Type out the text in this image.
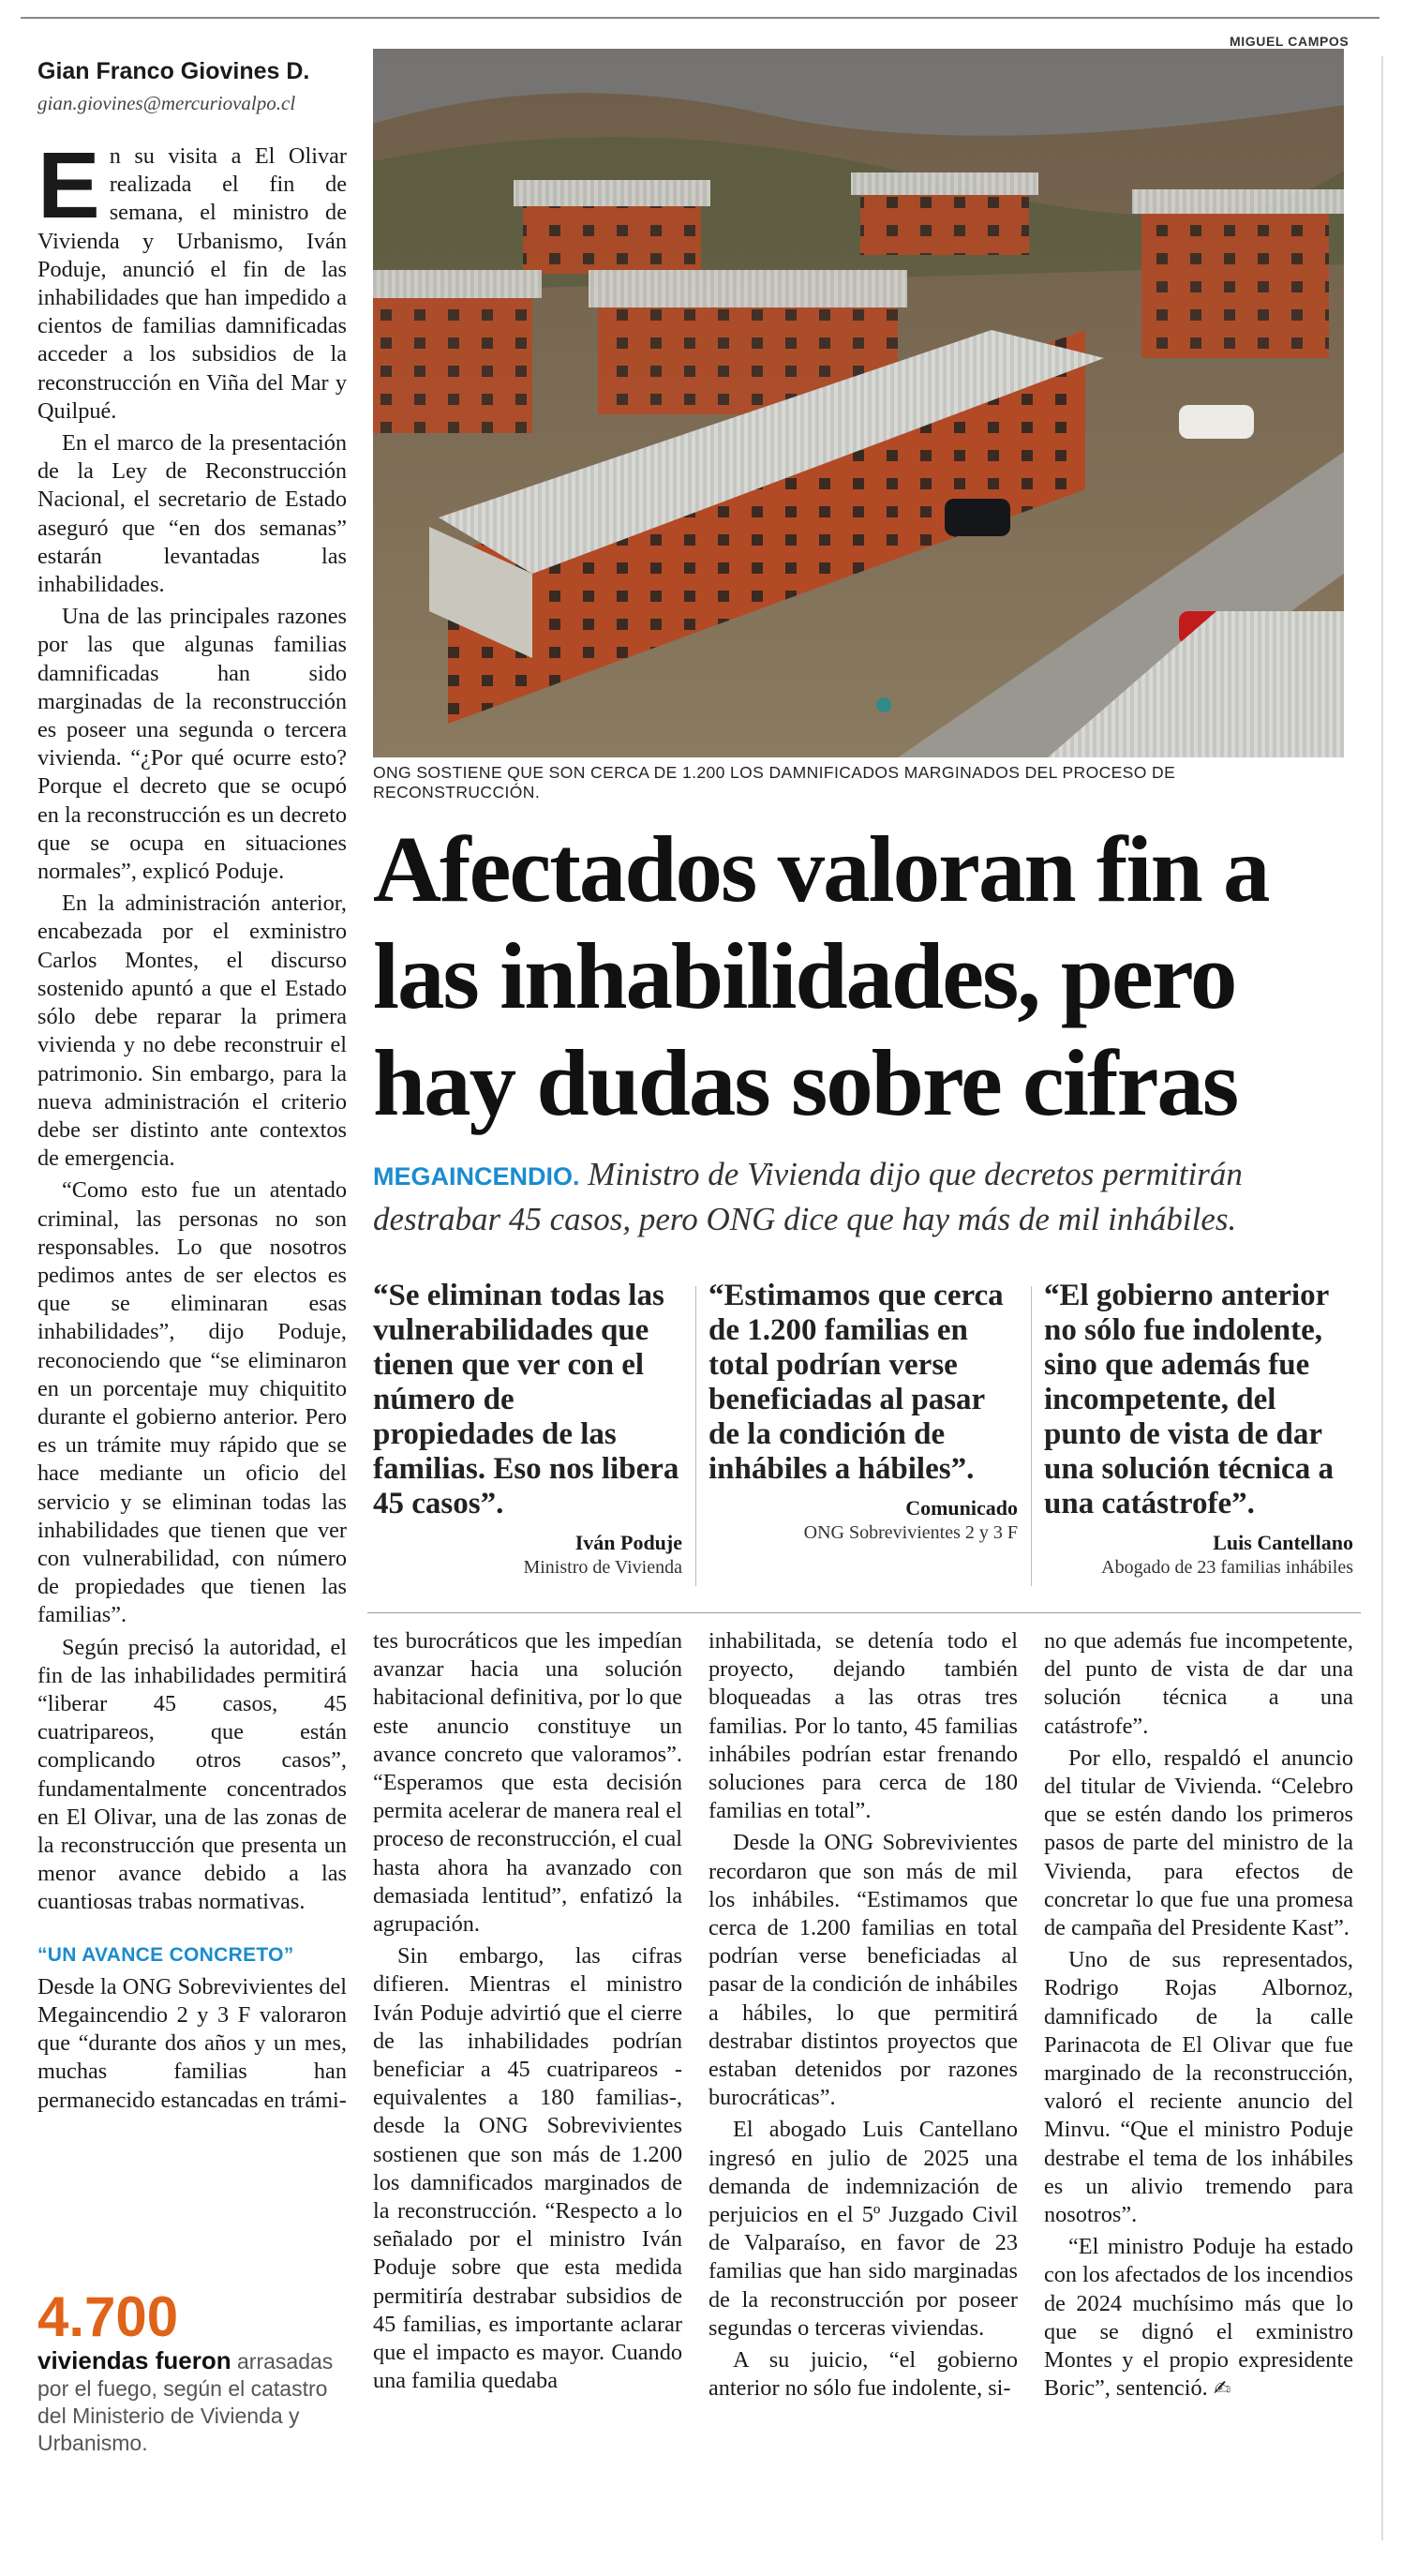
Gian Franco Giovines D.
gian.giovines@mercuriovalpo.cl

En su visita a El Olivar realizada el fin de semana, el ministro de Vivienda y Urbanismo, Iván Poduje, anunció el fin de las inhabilidades que han impedido a cientos de familias damnificadas acceder a los subsidios de la reconstrucción en Viña del Mar y Quilpué.

En el marco de la presentación de la Ley de Reconstrucción Nacional, el secretario de Estado aseguró que “en dos semanas” estarán levantadas las inhabilidades.

Una de las principales razones por las que algunas familias damnificadas han sido marginadas de la reconstrucción es poseer una segunda o tercera vivienda. “¿Por qué ocurre esto? Porque el decreto que se ocupó en la reconstrucción es un decreto que se ocupa en situaciones normales”, explicó Poduje.

En la administración anterior, encabezada por el exministro Carlos Montes, el discurso sostenido apuntó a que el Estado sólo debe reparar la primera vivienda y no debe reconstruir el patrimonio. Sin embargo, para la nueva administración el criterio debe ser distinto ante contextos de emergencia.

“Como esto fue un atentado criminal, las personas no son responsables. Lo que nosotros pedimos antes de ser electos es que se eliminaran esas inhabilidades”, dijo Poduje, reconociendo que “se eliminaron en un porcentaje muy chiquitito durante el gobierno anterior. Pero es un trámite muy rápido que se hace mediante un oficio del servicio y se eliminan todas las inhabilidades que tienen que ver con vulnerabilidad, con número de propiedades que tienen las familias”.

Según precisó la autoridad, el fin de las inhabilidades permitirá “liberar 45 casos, 45 cuatripareos, que están complicando otros casos”, fundamentalmente concentrados en El Olivar, una de las zonas de la reconstrucción que presenta un menor avance debido a las cuantiosas trabas normativas.

“UN AVANCE CONCRETO”

Desde la ONG Sobrevivientes del Megaincendio 2 y 3 F valoraron que “durante dos años y un mes, muchas familias han permanecido estancadas en trámi-

4.700
viviendas fueron arrasadas por el fuego, según el catastro del Ministerio de Vivienda y Urbanismo.
MIGUEL CAMPOS
ONG SOSTIENE QUE SON CERCA DE 1.200 LOS DAMNIFICADOS MARGINADOS DEL PROCESO DE RECONSTRUCCIÓN.
Afectados valoran fin a las inhabilidades, pero hay dudas sobre cifras
MEGAINCENDIO. Ministro de Vivienda dijo que decretos permitirán destrabar 45 casos, pero ONG dice que hay más de mil inhábiles.
“Se eliminan todas las vulnerabilidades que tienen que ver con el número de propiedades de las familias. Eso nos libera 45 casos”.
Iván Poduje
Ministro de Vivienda
“Estimamos que cerca de 1.200 familias en total podrían verse beneficiadas al pasar de la condición de inhábiles a hábiles”.
Comunicado
ONG Sobrevivientes 2 y 3 F
“El gobierno anterior no sólo fue indolente, sino que además fue incompetente, del punto de vista de dar una solución técnica a una catástrofe”.
Luis Cantellano
Abogado de 23 familias inhábiles

tes burocráticos que les impedían avanzar hacia una solución habitacional definitiva, por lo que este anuncio constituye un avance concreto que valoramos”. “Esperamos que esta decisión permita acelerar de manera real el proceso de reconstrucción, el cual hasta ahora ha avanzado con demasiada lentitud”, enfatizó la agrupación.

Sin embargo, las cifras difieren. Mientras el ministro Iván Poduje advirtió que el cierre de las inhabilidades podrían beneficiar a 45 cuatripareos -equivalentes a 180 familias-, desde la ONG Sobrevivientes sostienen que son más de 1.200 los damnificados marginados de la reconstrucción. “Respecto a lo señalado por el ministro Iván Poduje sobre que esta medida permitiría destrabar subsidios de 45 familias, es importante aclarar que el impacto es mayor. Cuando una familia quedaba

inhabilitada, se detenía todo el proyecto, dejando también bloqueadas a las otras tres familias. Por lo tanto, 45 familias inhábiles podrían estar frenando soluciones para cerca de 180 familias en total”.

Desde la ONG Sobrevivientes recordaron que son más de mil los inhábiles. “Estimamos que cerca de 1.200 familias en total podrían verse beneficiadas al pasar de la condición de inhábiles a hábiles, lo que permitirá destrabar distintos proyectos que estaban detenidos por razones burocráticas”.

El abogado Luis Cantellano ingresó en julio de 2025 una demanda de indemnización de perjuicios en el 5º Juzgado Civil de Valparaíso, en favor de 23 familias que han sido marginadas de la reconstrucción por poseer segundas o terceras viviendas.

A su juicio, “el gobierno anterior no sólo fue indolente, si-

no que además fue incompetente, del punto de vista de dar una solución técnica a una catástrofe”.

Por ello, respaldó el anuncio del titular de Vivienda. “Celebro que se estén dando los primeros pasos de parte del ministro de la Vivienda, para efectos de concretar lo que fue una promesa de campaña del Presidente Kast”.

Uno de sus representados, Rodrigo Rojas Albornoz, damnificado de la calle Parinacota de El Olivar que fue marginado de la reconstrucción, valoró el reciente anuncio del Minvu. “Que el ministro Poduje destrabe el tema de los inhábiles es un alivio tremendo para nosotros”.

“El ministro Poduje ha estado con los afectados de los incendios de 2024 muchísimo más que lo que se dignó el exministro Montes y el propio expresidente Boric”, sentenció. ✍
